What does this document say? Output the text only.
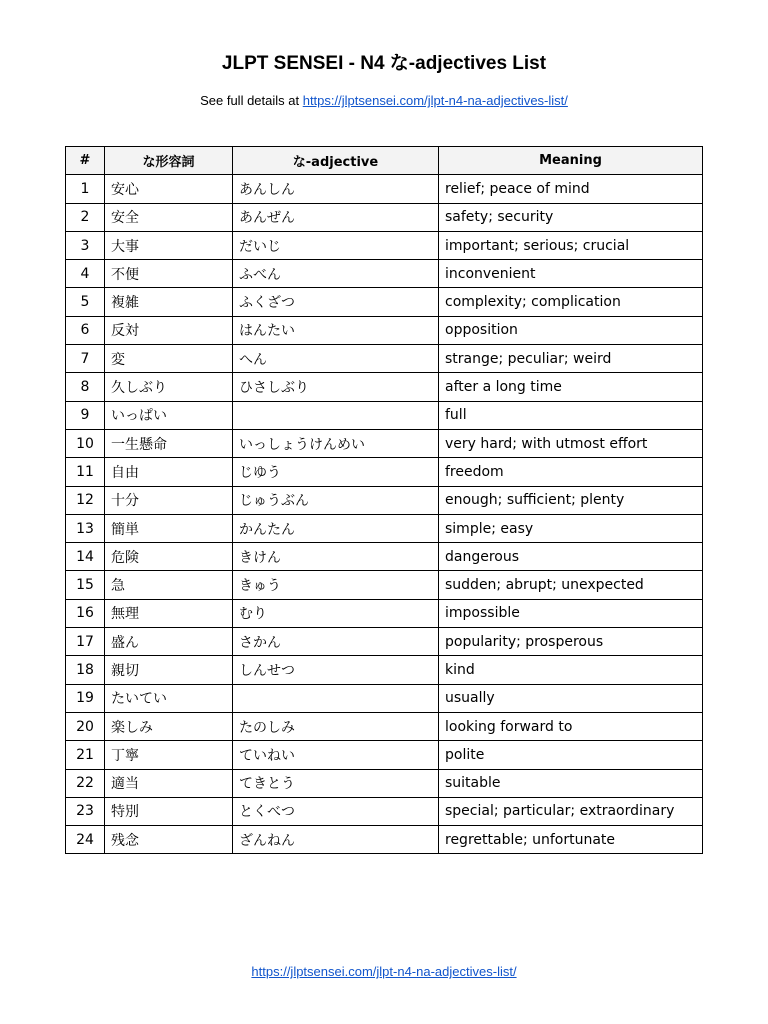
JLPT SENSEI - N4 な-adjectives List
See full details at https://jlptsensei.com/jlpt-n4-na-adjectives-list/
#	な形容詞	な-adjective	Meaning
1	安心	あんしん	relief; peace of mind
2	安全	あんぜん	safety; security
3	大事	だいじ	important; serious; crucial
4	不便	ふべん	inconvenient
5	複雑	ふくざつ	complexity; complication
6	反対	はんたい	opposition
7	変	へん	strange; peculiar; weird
8	久しぶり	ひさしぶり	after a long time
9	いっぱい		full
10	一生懸命	いっしょうけんめい	very hard; with utmost effort
11	自由	じゆう	freedom
12	十分	じゅうぶん	enough; sufficient; plenty
13	簡単	かんたん	simple; easy
14	危険	きけん	dangerous
15	急	きゅう	sudden; abrupt; unexpected
16	無理	むり	impossible
17	盛ん	さかん	popularity; prosperous
18	親切	しんせつ	kind
19	たいてい		usually
20	楽しみ	たのしみ	looking forward to
21	丁寧	ていねい	polite
22	適当	てきとう	suitable
23	特別	とくべつ	special; particular; extraordinary
24	残念	ざんねん	regrettable; unfortunate
https://jlptsensei.com/jlpt-n4-na-adjectives-list/
